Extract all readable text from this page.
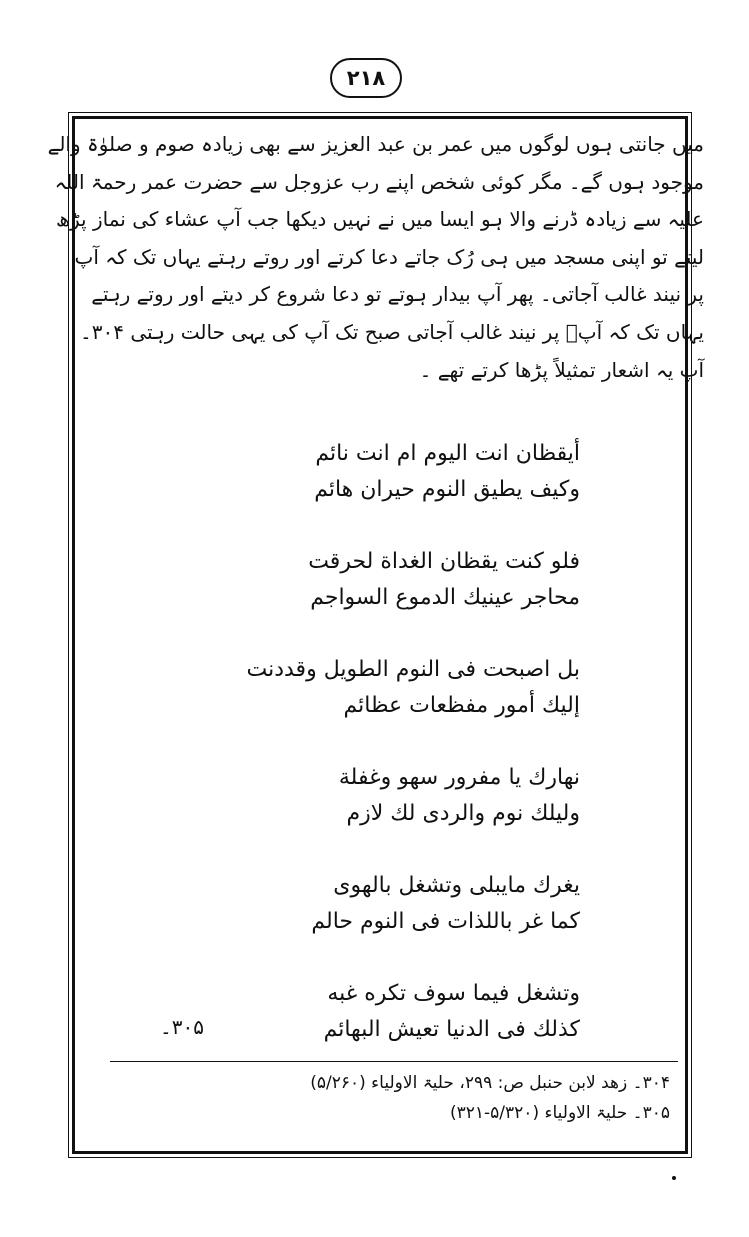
۲۱۸
میں جانتی ہوں لوگوں میں عمر بن عبد العزیز سے بھی زیادہ صوم و صلوٰۃ والے
موجود ہوں گے۔ مگر کوئی شخص اپنے رب عزوجل سے حضرت عمر رحمۃ اللہ
علیہ سے زیادہ ڈرنے والا ہو ایسا میں نے نہیں دیکھا جب آپ عشاء کی نماز پڑھ
لیتے تو اپنی مسجد میں ہی رُک جاتے دعا کرتے اور روتے رہتے یہاں تک کہ آپ
پر نیند غالب آجاتی۔ پھر آپ بیدار ہوتے تو دعا شروع کر دیتے اور روتے رہتے
یہاں تک کہ آپؒ پر نیند غالب آجاتی صبح تک آپ کی یہی حالت رہتی ۳۰۴۔
آپ یہ اشعار تمثیلاً پڑھا کرتے تھے ۔
أيقظان انت اليوم ام انت نائم
وكيف يطيق النوم حيران هائم
فلو كنت يقظان الغداة لحرقت
محاجر عينيك الدموع السواجم
بل اصبحت فى النوم الطويل وقددنت
إليك أمور مفظعات عظائم
نهارك يا مفرور سهو وغفلة
وليلك نوم والردى لك لازم
يغرك مايبلى وتشغل بالهوى
كما غر باللذات فى النوم حالم
وتشغل فيما سوف تكره غبه
كذلك فى الدنيا تعيش البهائم
۳۰۵۔
۳۰۴۔ زھد لابن حنبل ص: ۲۹۹، حلیۃ الاولیاء (۵/۲۶۰)
۳۰۵۔ حلیۃ الاولیاء (۵/۳۲۰-۳۲۱)
